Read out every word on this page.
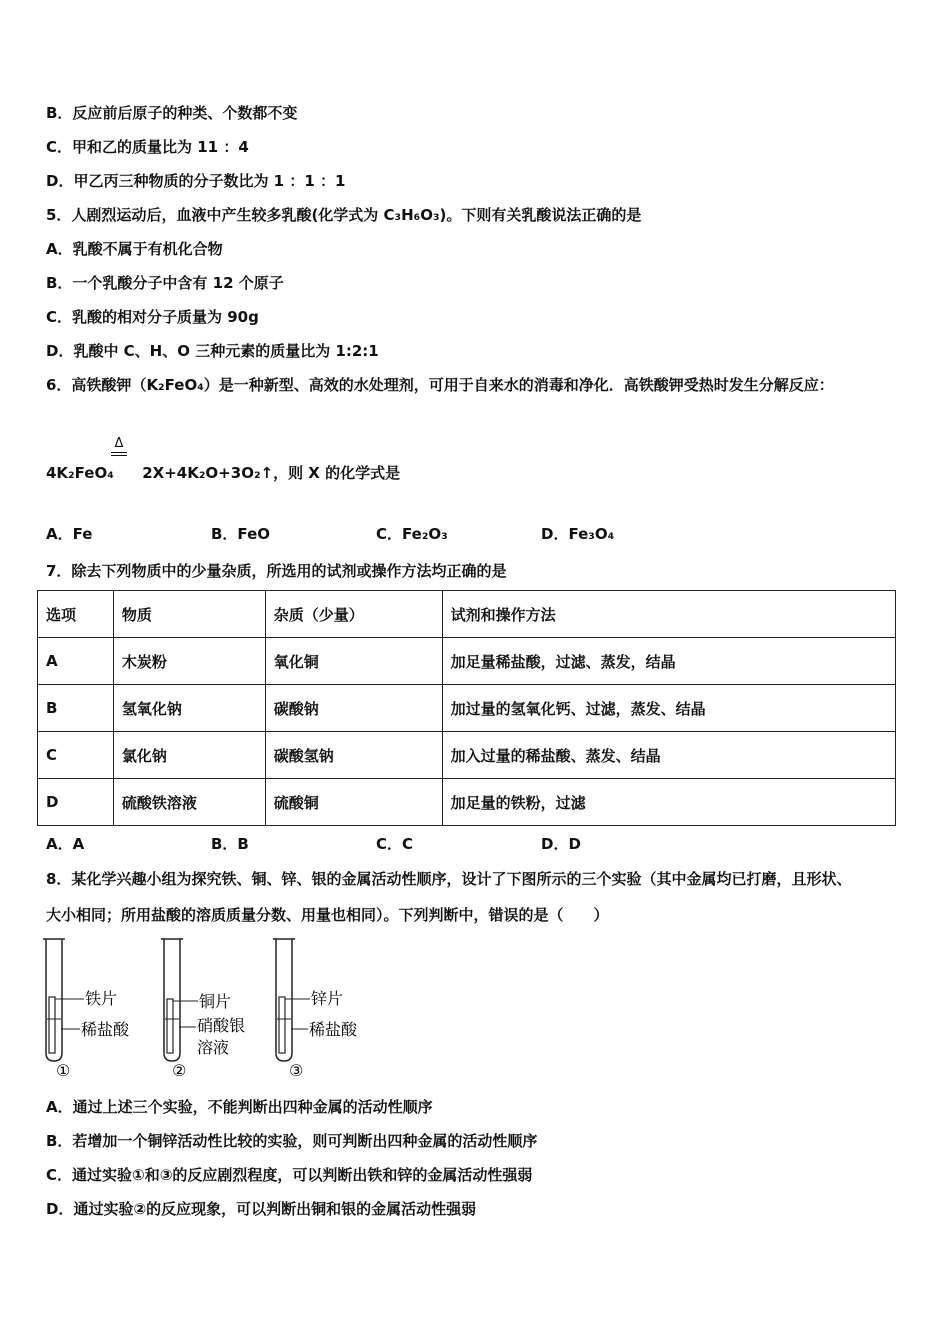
B．反应前后原子的种类、个数都不变
C．甲和乙的质量比为 11 ：4
D．甲乙丙三种物质的分子数比为 1 ：1 ：1
5．人剧烈运动后，血液中产生较多乳酸(化学式为 C₃H₆O₃)。下则有关乳酸说法正确的是
A．乳酸不属于有机化合物
B．一个乳酸分子中含有 12 个原子
C．乳酸的相对分子质量为 90g
D．乳酸中 C、H、O 三种元素的质量比为 1:2:1
6．高铁酸钾（K₂FeO₄）是一种新型、高效的水处理剂，可用于自来水的消毒和净化．高铁酸钾受热时发生分解反应：
Δ
4K₂FeO₄ 2X+4K₂O+3O₂↑，则 X 的化学式是
A．Fe	B．FeO	C．Fe₂O₃	D．Fe₃O₄
7．除去下列物质中的少量杂质，所选用的试剂或操作方法均正确的是
选项	物质	杂质（少量）	试剂和操作方法
A	木炭粉	氧化铜	加足量稀盐酸，过滤、蒸发，结晶
B	氢氧化钠	碳酸钠	加过量的氢氧化钙、过滤，蒸发、结晶
C	氯化钠	碳酸氢钠	加入过量的稀盐酸、蒸发、结晶
D	硫酸铁溶液	硫酸铜	加足量的铁粉，过滤
A．A	B．B	C．C	D．D
8．某化学兴趣小组为探究铁、铜、锌、银的金属活动性顺序，设计了下图所示的三个实验（其中金属均已打磨，且形状、
大小相同；所用盐酸的溶质质量分数、用量也相同）。下列判断中，错误的是（　　）
铁片
稀盐酸
①
铜片
硝酸银
溶液
②
锌片
稀盐酸
③
A．通过上述三个实验，不能判断出四种金属的活动性顺序
B．若增加一个铜锌活动性比较的实验，则可判断出四种金属的活动性顺序
C．通过实验①和③的反应剧烈程度，可以判断出铁和锌的金属活动性强弱
D．通过实验②的反应现象，可以判断出铜和银的金属活动性强弱
